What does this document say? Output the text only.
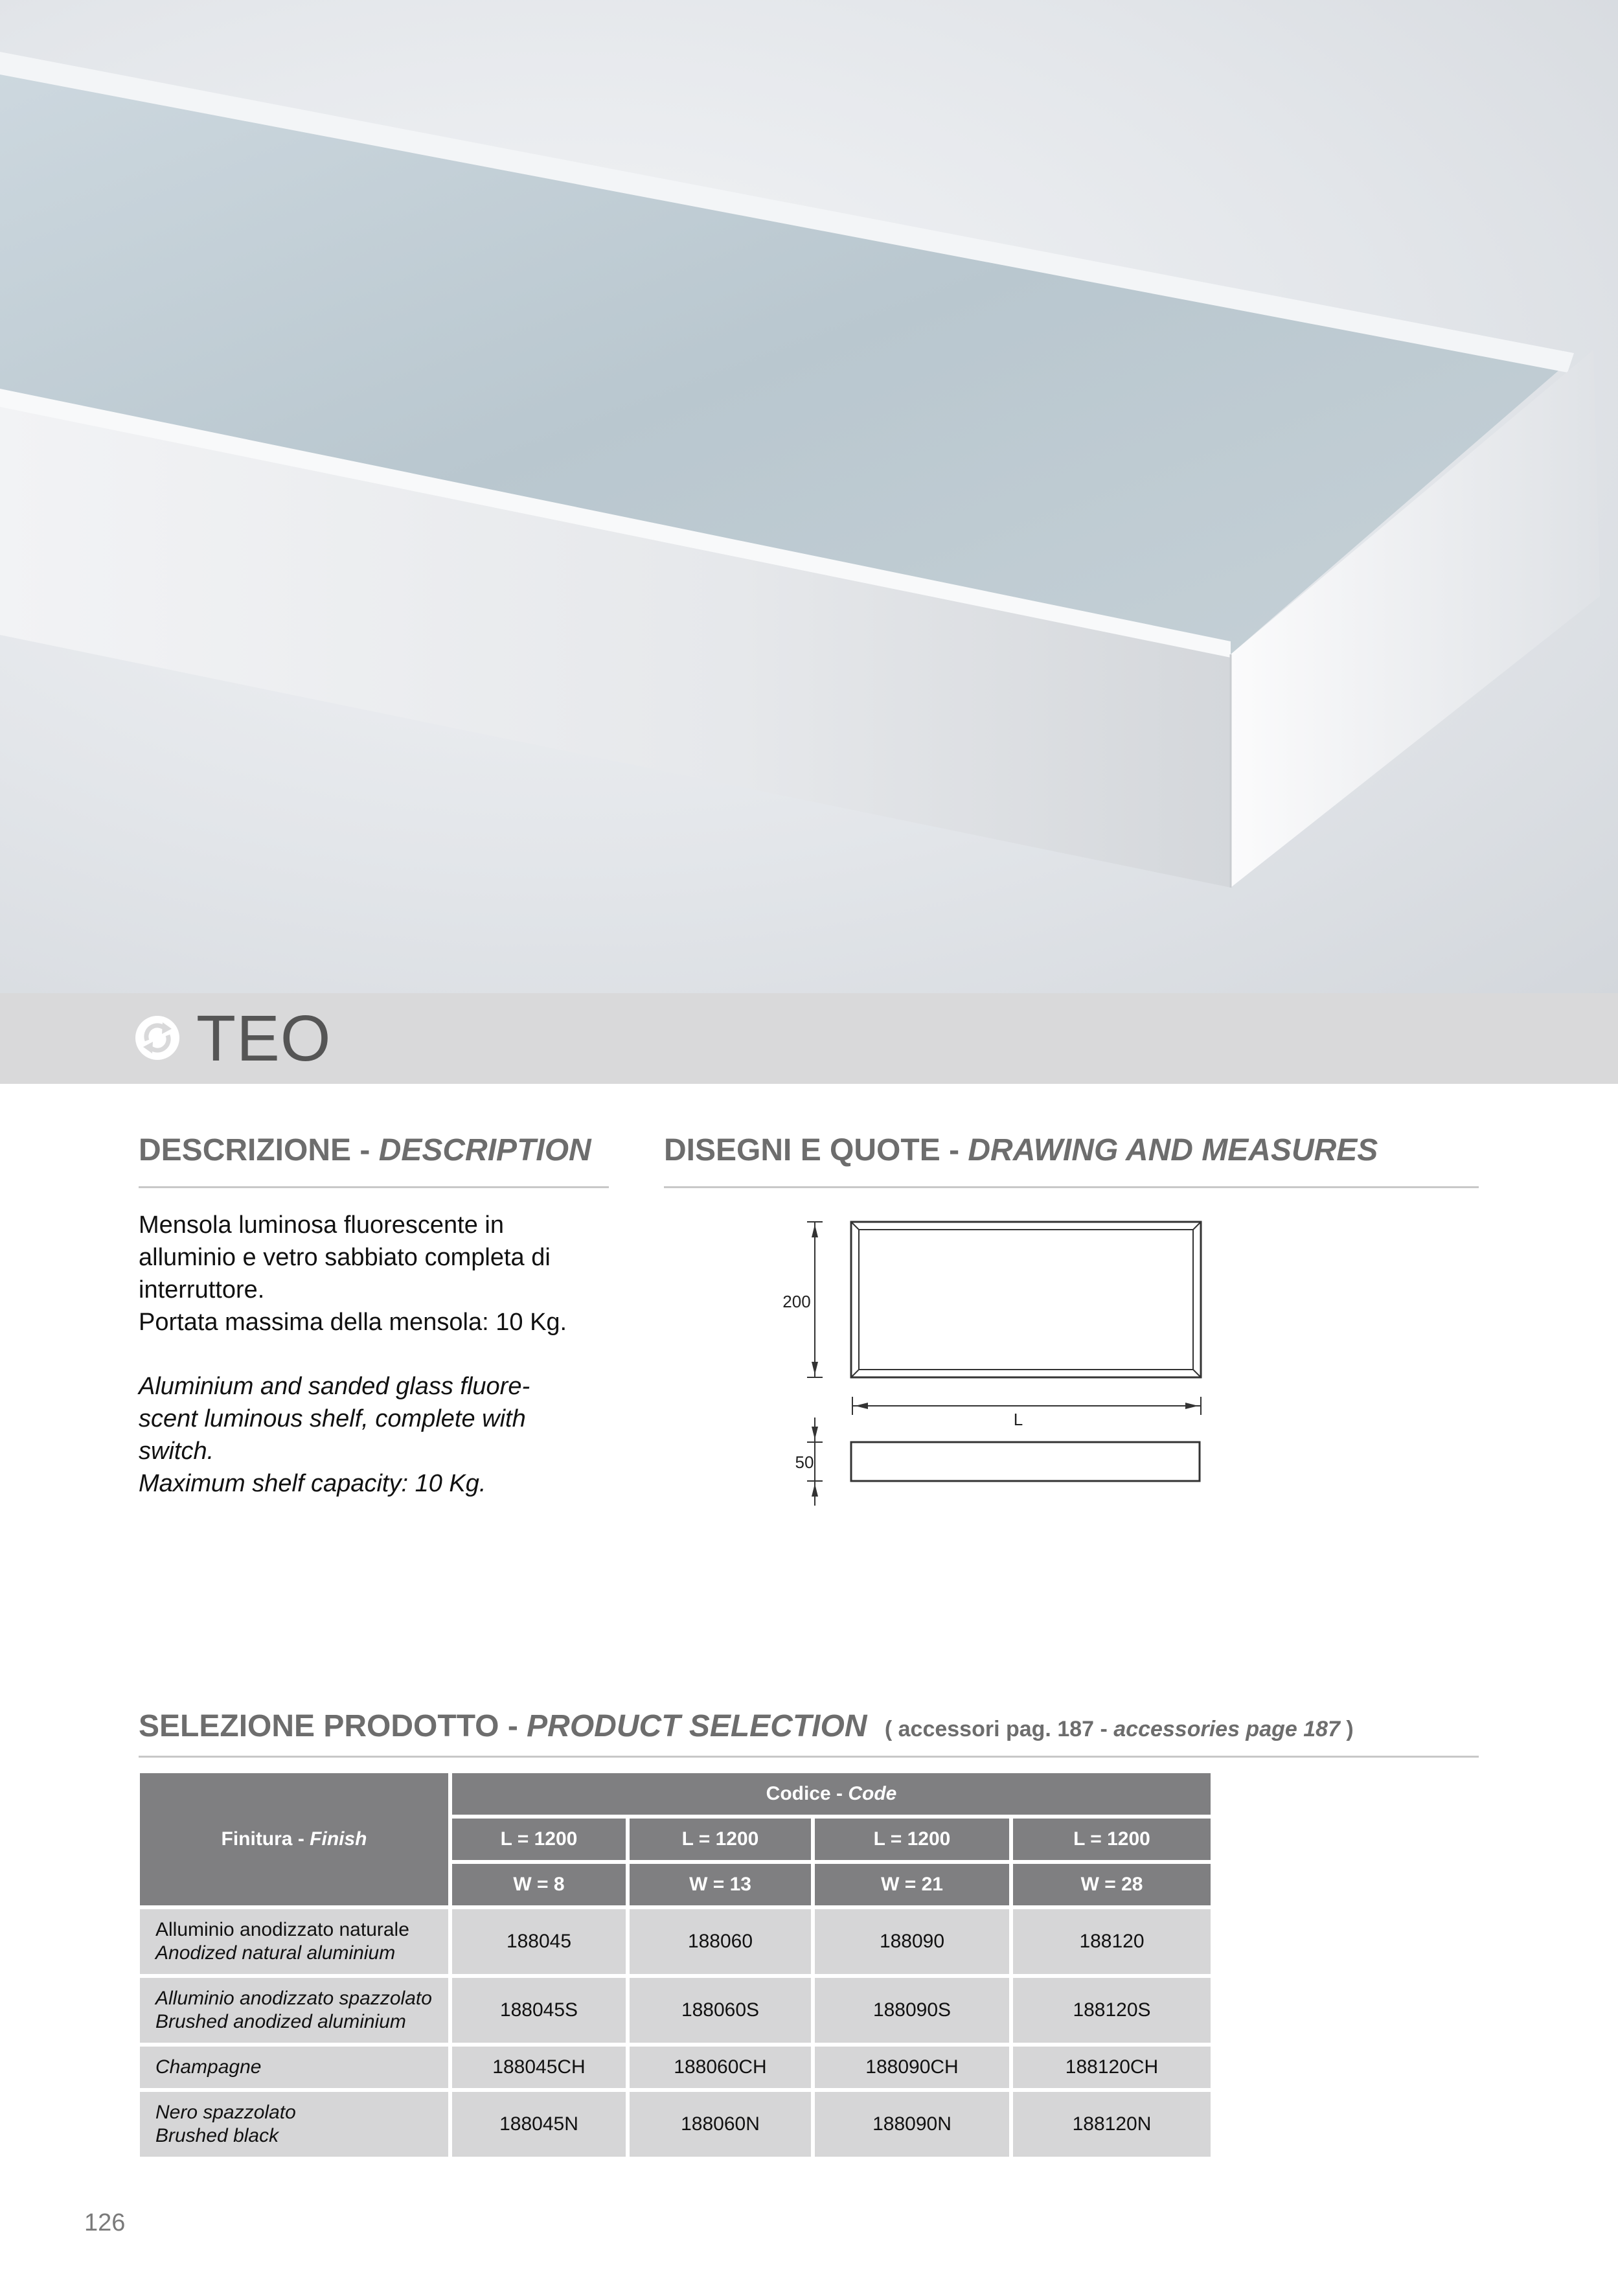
TEO
DESCRIZIONE - DESCRIPTION

Mensola luminosa fluorescente in

alluminio e vetro sabbiato completa di

interruttore.

Portata massima della mensola: 10 Kg.

Aluminium and sanded glass fluore-

scent luminous shelf, complete with

switch.

Maximum shelf capacity: 10 Kg.

DISEGNI E QUOTE - DRAWING AND MEASURES
200
L
50
SELEZIONE PRODOTTO - PRODUCT SELECTION ( accessori pag. 187 - accessories page 187 )
Finitura - Finish	Codice - Code			
	L = 1200	L = 1200	L = 1200	L = 1200
	W = 8	W = 13	W = 21	W = 28

Alluminio anodizzato naturale
Anodized natural aluminium	188045	188060	188090	188120

Alluminio anodizzato spazzolato
Brushed anodized aluminium	188045S	188060S	188090S	188120S

Champagne	188045CH	188060CH	188090CH	188120CH

Nero spazzolato
Brushed black	188045N	188060N	188090N	188120N
126
